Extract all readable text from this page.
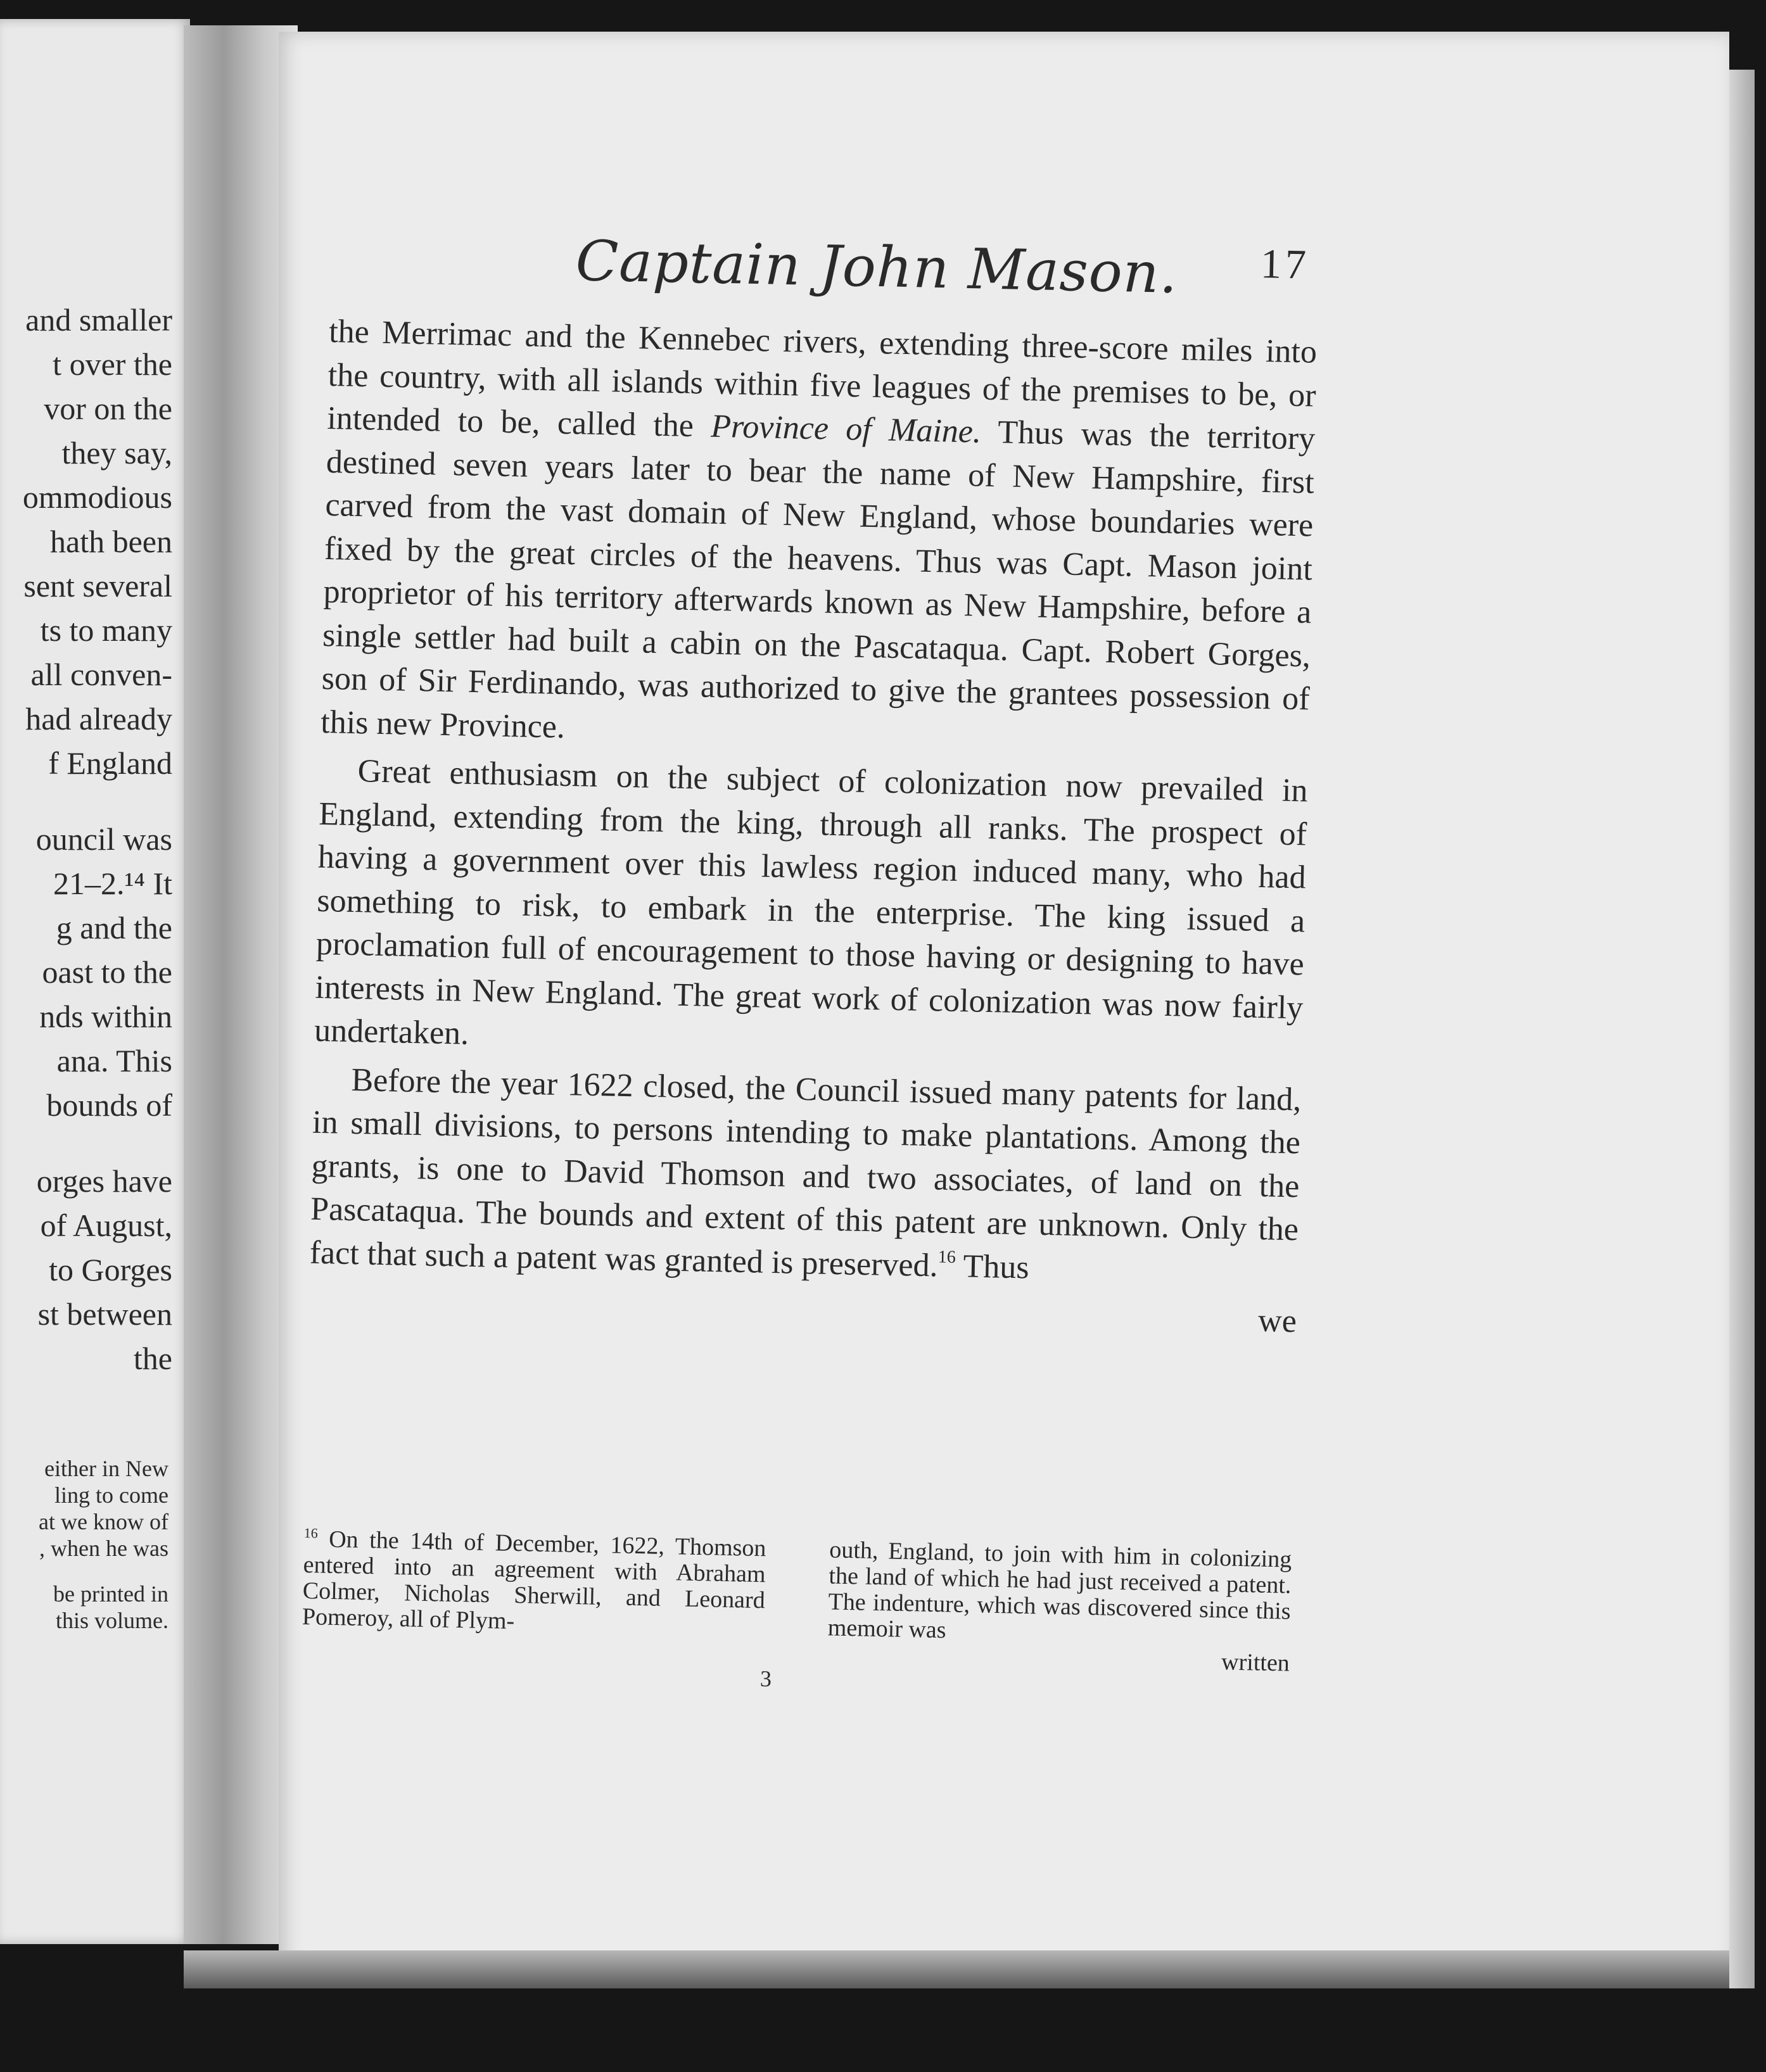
and smaller
t over the
vor on the
they say,
ommodious
hath been
sent several
ts to many
all conven-
had already
f England
ouncil was
21–2.¹⁴ It
g and the
oast to the
nds within
ana. This
bounds of
orges have
of August,
to Gorges
st between
the
either in New
ling to come
at we know of
, when he was
be printed in
this volume.
Captain John Mason. 17

the Merrimac and the Kennebec rivers, extending three-score miles into the country, with all islands within five leagues of the premises to be, or intended to be, called the Province of Maine. Thus was the territory destined seven years later to bear the name of New Hampshire, first carved from the vast domain of New England, whose boundaries were fixed by the great circles of the heavens. Thus was Capt. Mason joint proprietor of his territory afterwards known as New Hampshire, before a single settler had built a cabin on the Pascataqua. Capt. Robert Gorges, son of Sir Ferdinando, was authorized to give the grantees possession of this new Province.

Great enthusiasm on the subject of colonization now prevailed in England, extending from the king, through all ranks. The prospect of having a government over this lawless region induced many, who had something to risk, to embark in the enterprise. The king issued a proclamation full of encouragement to those having or designing to have interests in New England. The great work of colonization was now fairly undertaken.

Before the year 1622 closed, the Council issued many patents for land, in small divisions, to persons intending to make plantations. Among the grants, is one to David Thomson and two associates, of land on the Pascataqua. The bounds and extent of this patent are unknown. Only the fact that such a patent was granted is preserved.$^{16}$ Thus

we

$^{16}$ On the 14th of December, 1622, Thomson entered into an agreement with Abraham Colmer, Nicholas Sherwill, and Leonard Pomeroy, all of Plym-
outh, England, to join with him in colonizing the land of which he had just received a patent. The indenture, which was discovered since this memoir was
written
3
